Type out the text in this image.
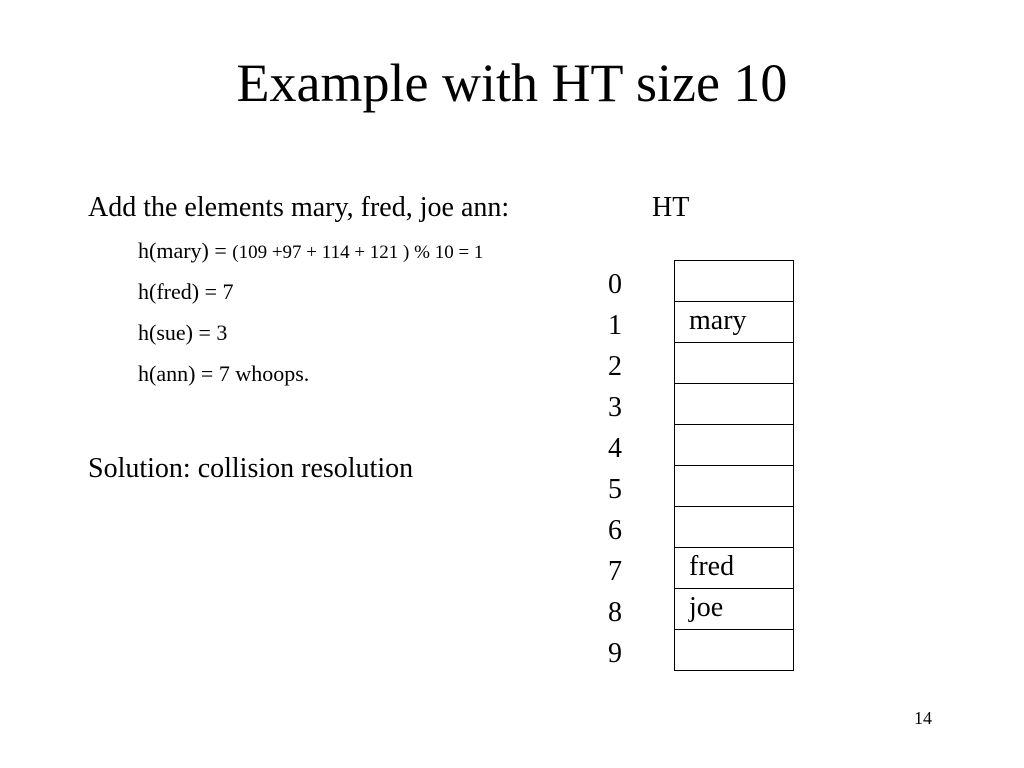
Example with HT size 10
Add the elements mary, fred, joe ann:	HT
h(mary) = (109 +97 + 114 + 121 ) % 10 = 1
h(fred) = 7
h(sue) = 3
h(ann) = 7 whoops.
Solution: collision resolution
0
1
2
3
4
5
6
7
8
9
mary
fred
joe
14
